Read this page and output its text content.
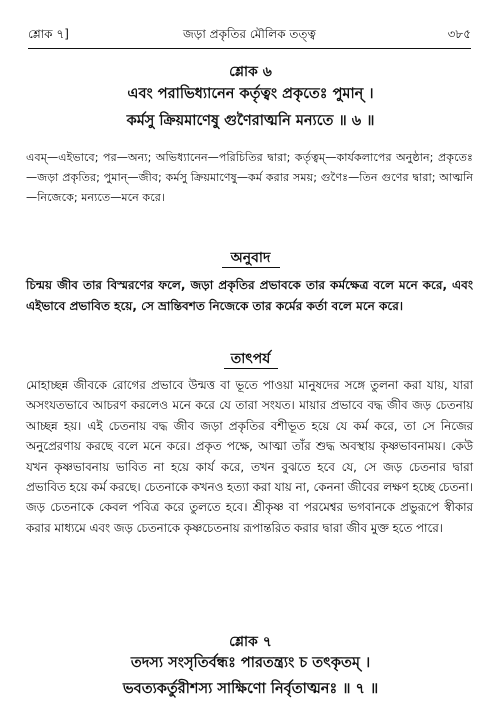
শ্লোক ৭]	জড়া প্রকৃতির মৌলিক তত্ত্ব	৩৮৫
শ্লোক ৬
এবং পরাভিধ্যানেন কর্তৃত্বং প্রকৃতেঃ পুমান্‌ ।
কর্মসু ক্রিয়মাণেষু গুণৈরাত্মনি মন্যতে ॥ ৬ ॥
এবম্‌—এইভাবে; পর—অন্য; অভিধ্যানেন—পরিচিতির দ্বারা; কর্তৃত্বম্‌—কার্যকলাপের অনুষ্ঠান; প্রকৃতেঃ—জড়া প্রকৃতির; পুমান্‌—জীব; কর্মসু ক্রিয়মাণেষু—কর্ম করার সময়; গুণৈঃ—তিন গুণের দ্বারা; আত্মনি—নিজেকে; মন্যতে—মনে করে।
অনুবাদ
চিন্ময় জীব তার বিস্মরণের ফলে, জড়া প্রকৃতির প্রভাবকে তার কর্মক্ষেত্র বলে মনে করে, এবং এইভাবে প্রভাবিত হয়ে, সে ভ্রান্তিবশত নিজেকে তার কর্মের কর্তা বলে মনে করে।
তাৎপর্য
মোহাচ্ছন্ন জীবকে রোগের প্রভাবে উন্মত্ত বা ভূতে পাওয়া মানুষদের সঙ্গে তুলনা করা যায়, যারা অসংযতভাবে আচরণ করলেও মনে করে যে তারা সংযত। মায়ার প্রভাবে বদ্ধ জীব জড় চেতনায় আচ্ছন্ন হয়। এই চেতনায় বদ্ধ জীব জড়া প্রকৃতির বশীভূত হয়ে যে কর্ম করে, তা সে নিজের অনুপ্রেরণায় করছে বলে মনে করে। প্রকৃত পক্ষে, আত্মা তাঁর শুদ্ধ অবস্থায় কৃষ্ণভাবনাময়। কেউ যখন কৃষ্ণভাবনায় ভাবিত না হয়ে কার্য করে, তখন বুঝতে হবে যে, সে জড় চেতনার দ্বারা প্রভাবিত হয়ে কর্ম করছে। চেতনাকে কখনও হত্যা করা যায় না, কেননা জীবের লক্ষণ হচ্ছে চেতনা। জড় চেতনাকে কেবল পবিত্র করে তুলতে হবে। শ্রীকৃষ্ণ বা পরমেশ্বর ভগবানকে প্রভুরূপে স্বীকার করার মাধ্যমে এবং জড় চেতনাকে কৃষ্ণচেতনায় রূপান্তরিত করার দ্বারা জীব মুক্ত হতে পারে।
শ্লোক ৭
তদস্য সংসৃতির্বন্ধঃ পারতন্ত্র্যং চ তৎকৃতম্‌ ।
ভবত্যকর্তুরীশস্য সাক্ষিণো নির্বৃতাত্মনঃ ॥ ৭ ॥
